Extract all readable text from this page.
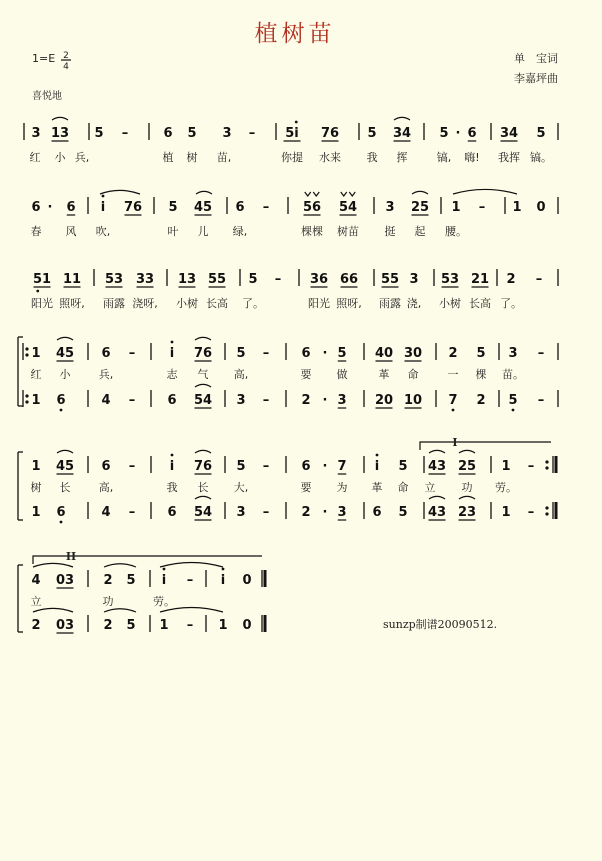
植树苗
1=E 2
4
喜悦地
单　宝词
李嘉坪曲
3 13 5 –	6 5 3 – 5i 76 5 34 5 · 6 34 5
红 小 兵,	植 树 苗,	你提 水来 我 挥	镐, 嗨! 我挥 镐。
6 · 6 i 76 5 45 6 –	56 54 3 25 1 – 1 0
春 风 吹,	叶 儿 绿,	棵棵 树苗 挺 起 腰。
51 11 53 33 13 55 5 – 36 66 55 3 53 21 2 –
阳光 照呀, 雨露 浇呀, 小树 长高 了。	阳光 照呀, 雨露 浇, 小树 长高 了。
1 45 6 –	i 76 5 – 6 · 5 40 30 2 5 3 –
红 小	兵,	志 气 高,	要 做	革 命	一 棵 苗。
1 6	4 – 6 54 3 – 2 · 3 20 10 7 2 5 –
1 45 6 –	i 76 5 – 6 · 7 i 5 43 25 1 –
树 长	高,	我 长 大,	要 为 革 命 立 功 劳。
1 6	4 – 6 54 3 – 2 · 3 6 5 43 23 1 –
I
4 03 2 5 i – i 0
立	功	劳。
2 03 2 5 1 – 1 0
II
sunzp制谱20090512.
